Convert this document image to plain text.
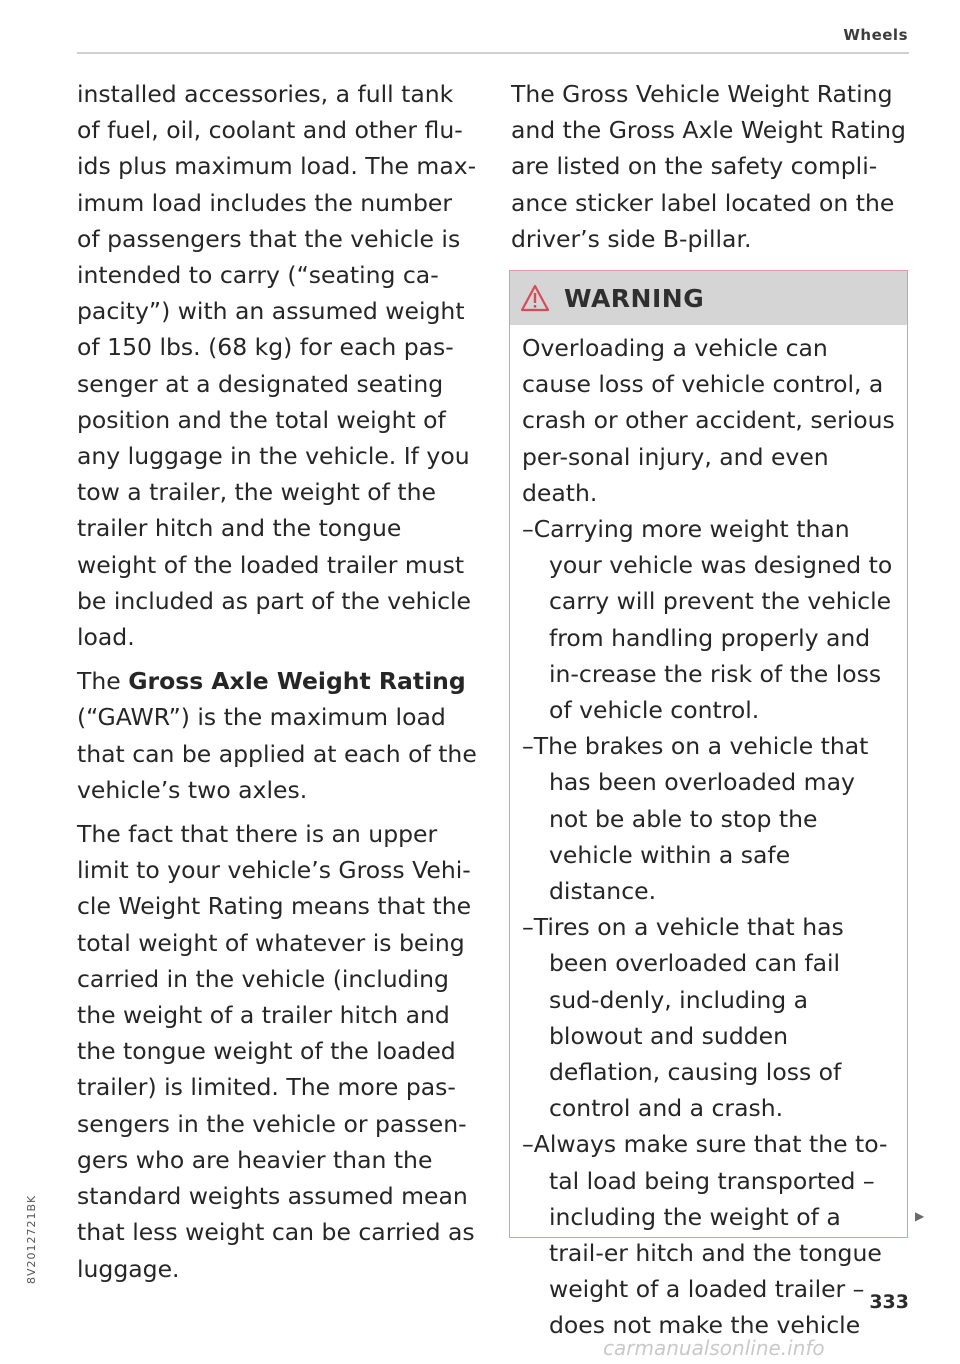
Wheels

installed accessories, a full tank of fuel, oil, coolant and other flu-ids plus maximum load. The max-imum load includes the number of passengers that the vehicle is intended to carry (“seating ca-pacity”) with an assumed weight of 150 lbs. (68 kg) for each pas-senger at a designated seating position and the total weight of any luggage in the vehicle. If you tow a trailer, the weight of the trailer hitch and the tongue weight of the loaded trailer must be included as part of the vehicle load.

The Gross Axle Weight Rating (“GAWR”) is the maximum load that can be applied at each of the vehicle’s two axles.

The fact that there is an upper limit to your vehicle’s Gross Vehi-cle Weight Rating means that the total weight of whatever is being carried in the vehicle (including the weight of a trailer hitch and the tongue weight of the loaded trailer) is limited. The more pas-sengers in the vehicle or passen-gers who are heavier than the standard weights assumed mean that less weight can be carried as luggage.

The Gross Vehicle Weight Rating and the Gross Axle Weight Rating are listed on the safety compli-ance sticker label located on the driver’s side B-pillar.

WARNING

Overloading a vehicle can cause loss of vehicle control, a crash or other accident, serious per-sonal injury, and even death.

–Carrying more weight than your vehicle was designed to carry will prevent the vehicle from handling properly and in-crease the risk of the loss of vehicle control.

–The brakes on a vehicle that has been overloaded may not be able to stop the vehicle within a safe distance.

–Tires on a vehicle that has been overloaded can fail sud-denly, including a blowout and sudden deflation, causing loss of control and a crash.

–Always make sure that the to-tal load being transported – including the weight of a trail-er hitch and the tongue weight of a loaded trailer – does not make the vehicle

▶
8V2012721BK
333
carmanualsonline.info
